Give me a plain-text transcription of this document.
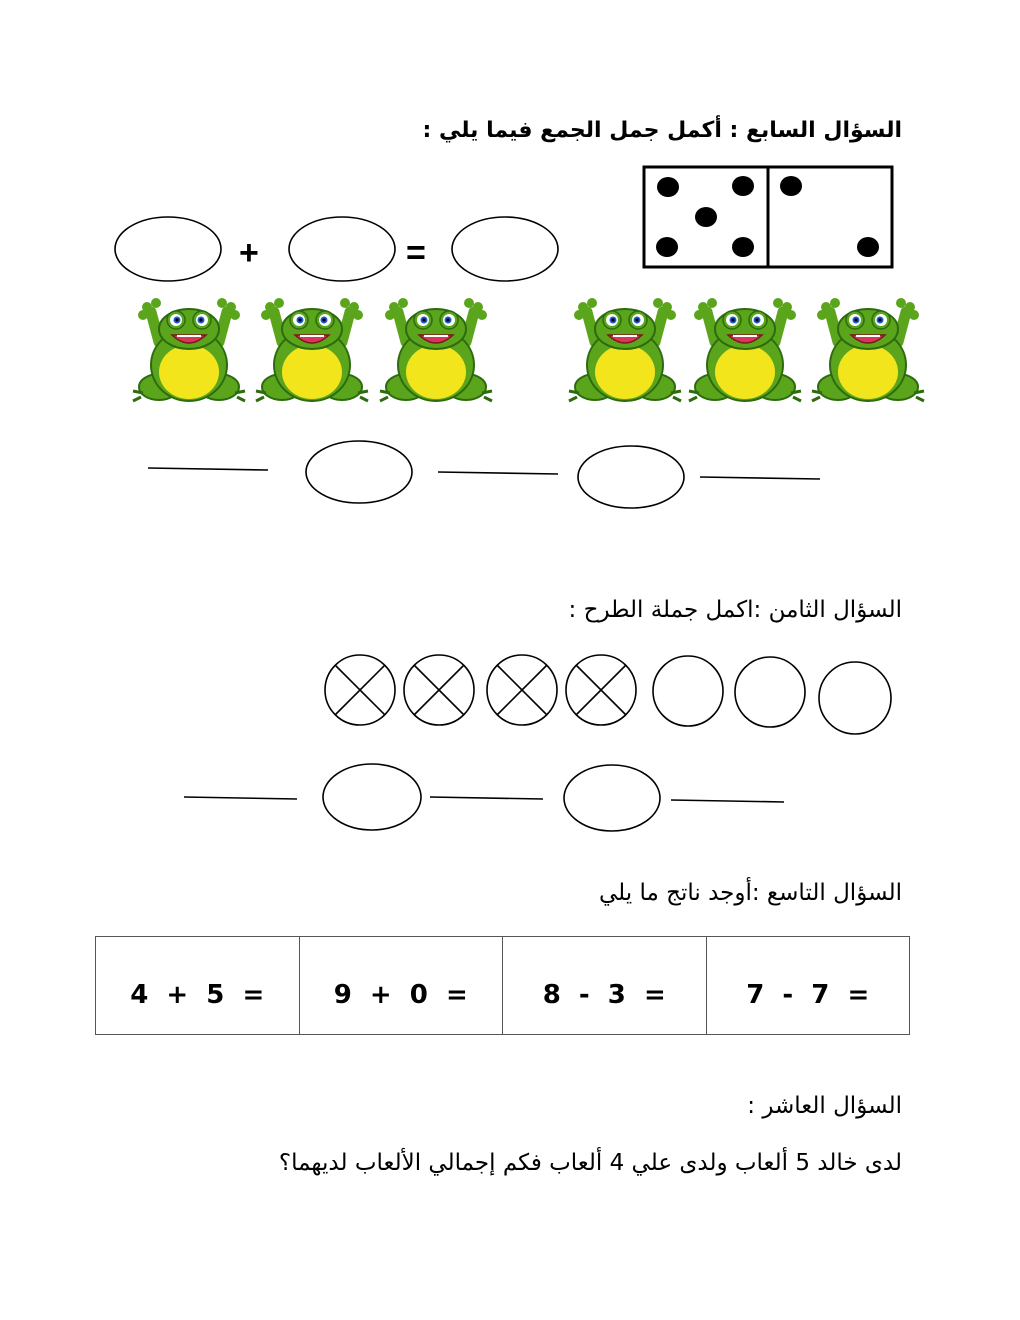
السؤال السابع : أكمل جمل الجمع فيما يلي :
+	=
السؤال الثامن :اكمل جملة الطرح :
السؤال التاسع :أوجد ناتج ما يلي
4  +  5  =	9  +  0  =	8  -  3  =	7  -  7  =
السؤال العاشر :
لدى خالد 5 ألعاب ولدى علي 4 ألعاب فكم إجمالي الألعاب لديهما؟
